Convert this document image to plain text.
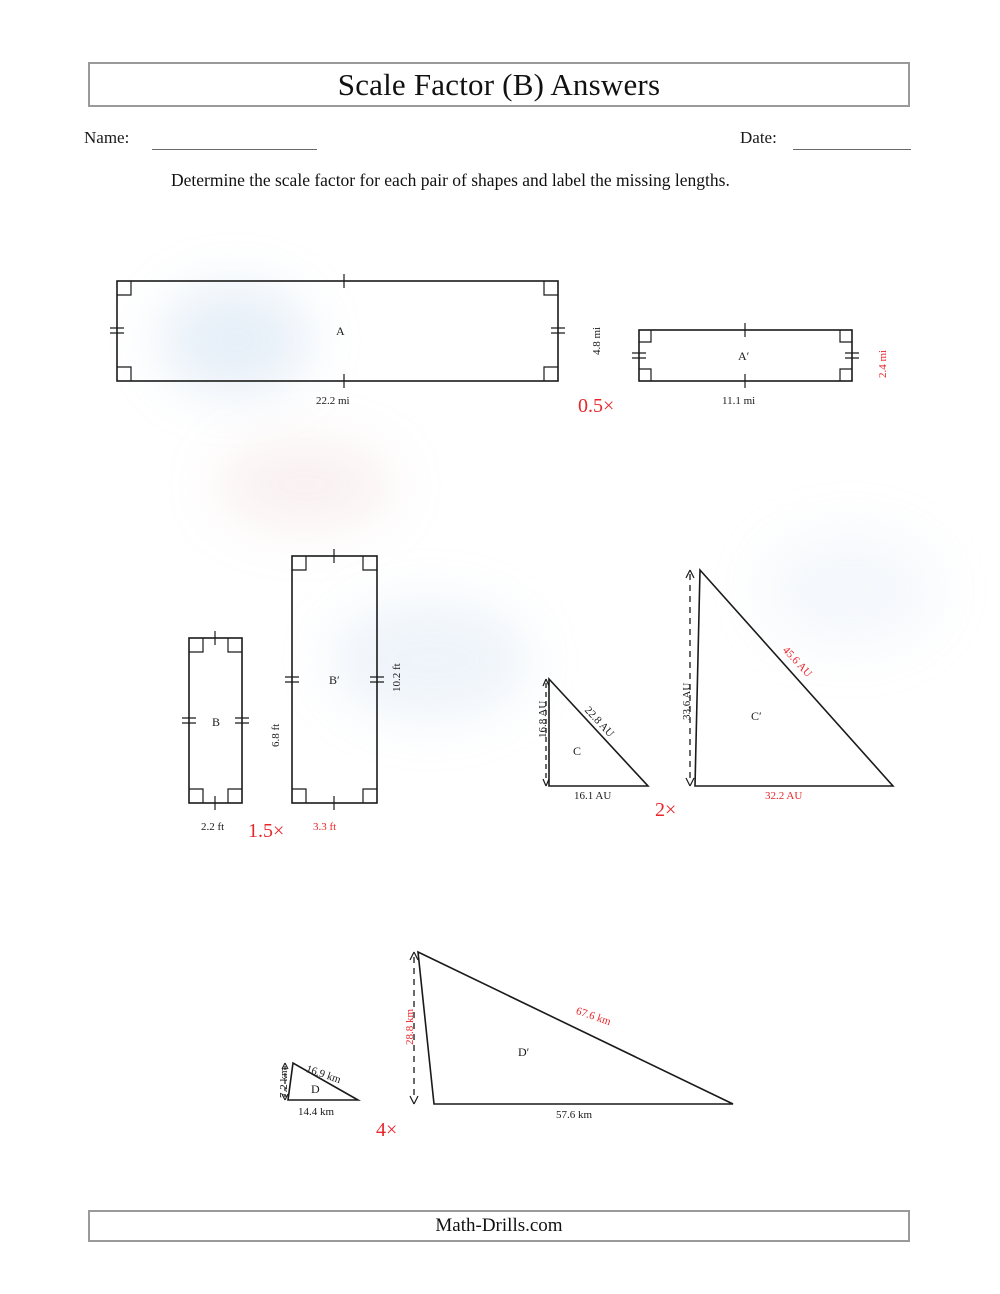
Scale Factor (B) Answers
Name:	Date:
Determine the scale factor for each pair of shapes and label the missing lengths.
A
22.2 mi
4.8 mi
A′
11.1 mi
2.4 mi
0.5×
B
2.2 ft
6.8 ft
B′
3.3 ft
10.2 ft
1.5×
C
16.1 AU
16.8 AU	22.8 AU	C′
32.2 AU
33.6 AU
45.6 AU
2×
D
14.4 km
7.2 km 16.9 km
D′
57.6 km
28.8 km	67.6 km
4×
Math-Drills.com
